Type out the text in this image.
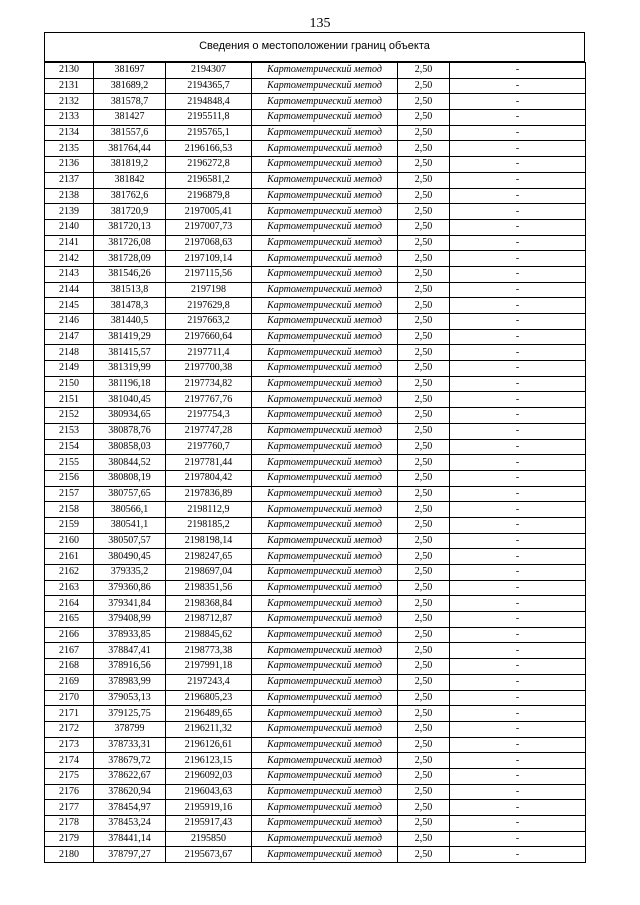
135
Сведения о местоположении границ объекта
2130	381697	2194307	Картометрический метод	2,50	-
2131	381689,2	2194365,7	Картометрический метод	2,50	-
2132	381578,7	2194848,4	Картометрический метод	2,50	-
2133	381427	2195511,8	Картометрический метод	2,50	-
2134	381557,6	2195765,1	Картометрический метод	2,50	-
2135	381764,44	2196166,53	Картометрический метод	2,50	-
2136	381819,2	2196272,8	Картометрический метод	2,50	-
2137	381842	2196581,2	Картометрический метод	2,50	-
2138	381762,6	2196879,8	Картометрический метод	2,50	-
2139	381720,9	2197005,41	Картометрический метод	2,50	-
2140	381720,13	2197007,73	Картометрический метод	2,50	-
2141	381726,08	2197068,63	Картометрический метод	2,50	-
2142	381728,09	2197109,14	Картометрический метод	2,50	-
2143	381546,26	2197115,56	Картометрический метод	2,50	-
2144	381513,8	2197198	Картометрический метод	2,50	-
2145	381478,3	2197629,8	Картометрический метод	2,50	-
2146	381440,5	2197663,2	Картометрический метод	2,50	-
2147	381419,29	2197660,64	Картометрический метод	2,50	-
2148	381415,57	2197711,4	Картометрический метод	2,50	-
2149	381319,99	2197700,38	Картометрический метод	2,50	-
2150	381196,18	2197734,82	Картометрический метод	2,50	-
2151	381040,45	2197767,76	Картометрический метод	2,50	-
2152	380934,65	2197754,3	Картометрический метод	2,50	-
2153	380878,76	2197747,28	Картометрический метод	2,50	-
2154	380858,03	2197760,7	Картометрический метод	2,50	-
2155	380844,52	2197781,44	Картометрический метод	2,50	-
2156	380808,19	2197804,42	Картометрический метод	2,50	-
2157	380757,65	2197836,89	Картометрический метод	2,50	-
2158	380566,1	2198112,9	Картометрический метод	2,50	-
2159	380541,1	2198185,2	Картометрический метод	2,50	-
2160	380507,57	2198198,14	Картометрический метод	2,50	-
2161	380490,45	2198247,65	Картометрический метод	2,50	-
2162	379335,2	2198697,04	Картометрический метод	2,50	-
2163	379360,86	2198351,56	Картометрический метод	2,50	-
2164	379341,84	2198368,84	Картометрический метод	2,50	-
2165	379408,99	2198712,87	Картометрический метод	2,50	-
2166	378933,85	2198845,62	Картометрический метод	2,50	-
2167	378847,41	2198773,38	Картометрический метод	2,50	-
2168	378916,56	2197991,18	Картометрический метод	2,50	-
2169	378983,99	2197243,4	Картометрический метод	2,50	-
2170	379053,13	2196805,23	Картометрический метод	2,50	-
2171	379125,75	2196489,65	Картометрический метод	2,50	-
2172	378799	2196211,32	Картометрический метод	2,50	-
2173	378733,31	2196126,61	Картометрический метод	2,50	-
2174	378679,72	2196123,15	Картометрический метод	2,50	-
2175	378622,67	2196092,03	Картометрический метод	2,50	-
2176	378620,94	2196043,63	Картометрический метод	2,50	-
2177	378454,97	2195919,16	Картометрический метод	2,50	-
2178	378453,24	2195917,43	Картометрический метод	2,50	-
2179	378441,14	2195850	Картометрический метод	2,50	-
2180	378797,27	2195673,67	Картометрический метод	2,50	-
